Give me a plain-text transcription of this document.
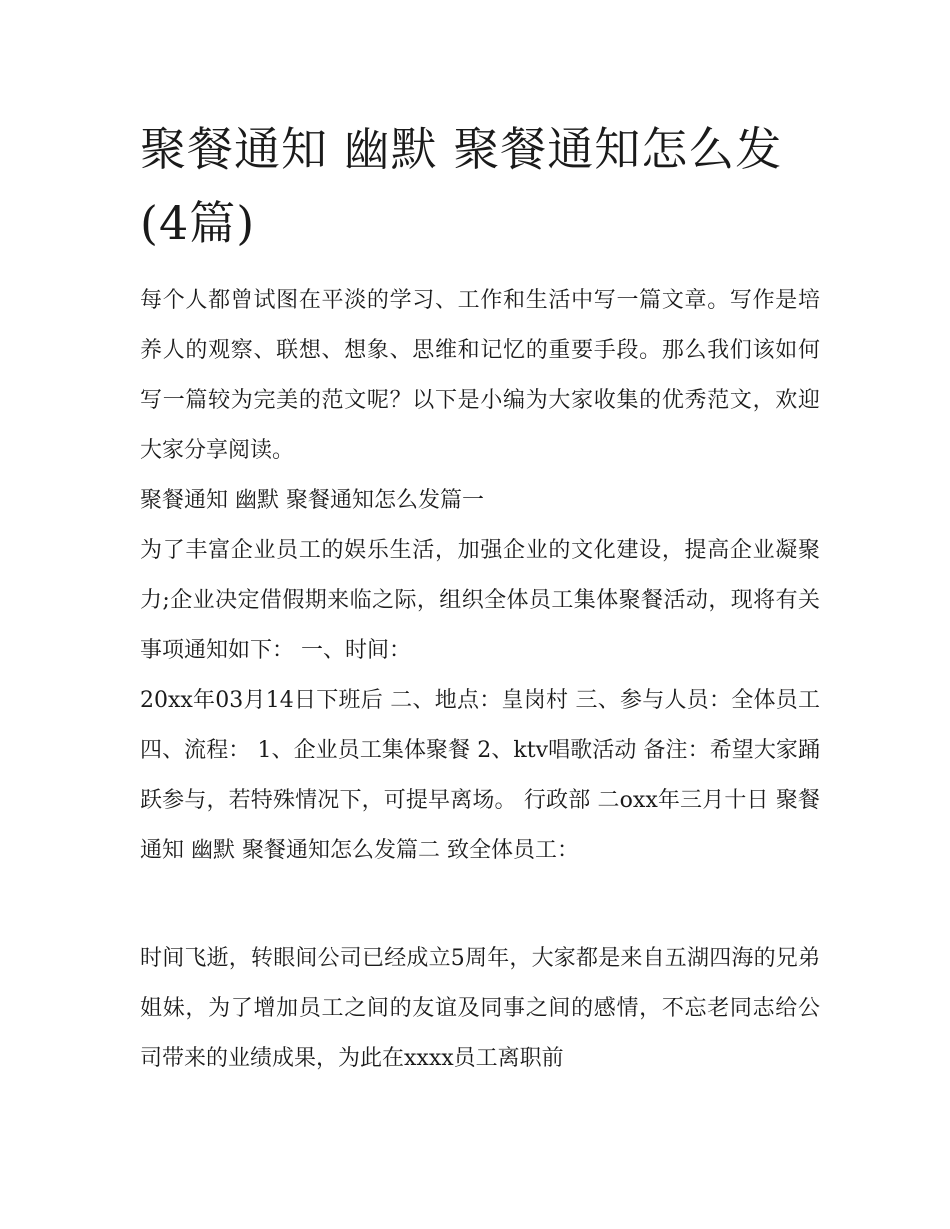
聚餐通知 幽默 聚餐通知怎么发(4篇)

每个人都曾试图在平淡的学习、工作和生活中写一篇文章。写作是培养人的观察、联想、想象、思维和记忆的重要手段。那么我们该如何写一篇较为完美的范文呢？以下是小编为大家收集的优秀范文，欢迎大家分享阅读。

聚餐通知 幽默 聚餐通知怎么发篇一

为了丰富企业员工的娱乐生活，加强企业的文化建设，提高企业凝聚力;企业决定借假期来临之际，组织全体员工集体聚餐活动，现将有关事项通知如下： 一、时间：

20xx年03月14日下班后 二、地点：皇岗村 三、参与人员：全体员工 四、流程： 1、企业员工集体聚餐 2、ktv唱歌活动 备注：希望大家踊跃参与，若特殊情况下，可提早离场。 行政部 二oxx年三月十日 聚餐通知 幽默 聚餐通知怎么发篇二 致全体员工：

时间飞逝，转眼间公司已经成立5周年，大家都是来自五湖四海的兄弟姐妹，为了增加员工之间的友谊及同事之间的感情，不忘老同志给公司带来的业绩成果，为此在xxxx员工离职前
